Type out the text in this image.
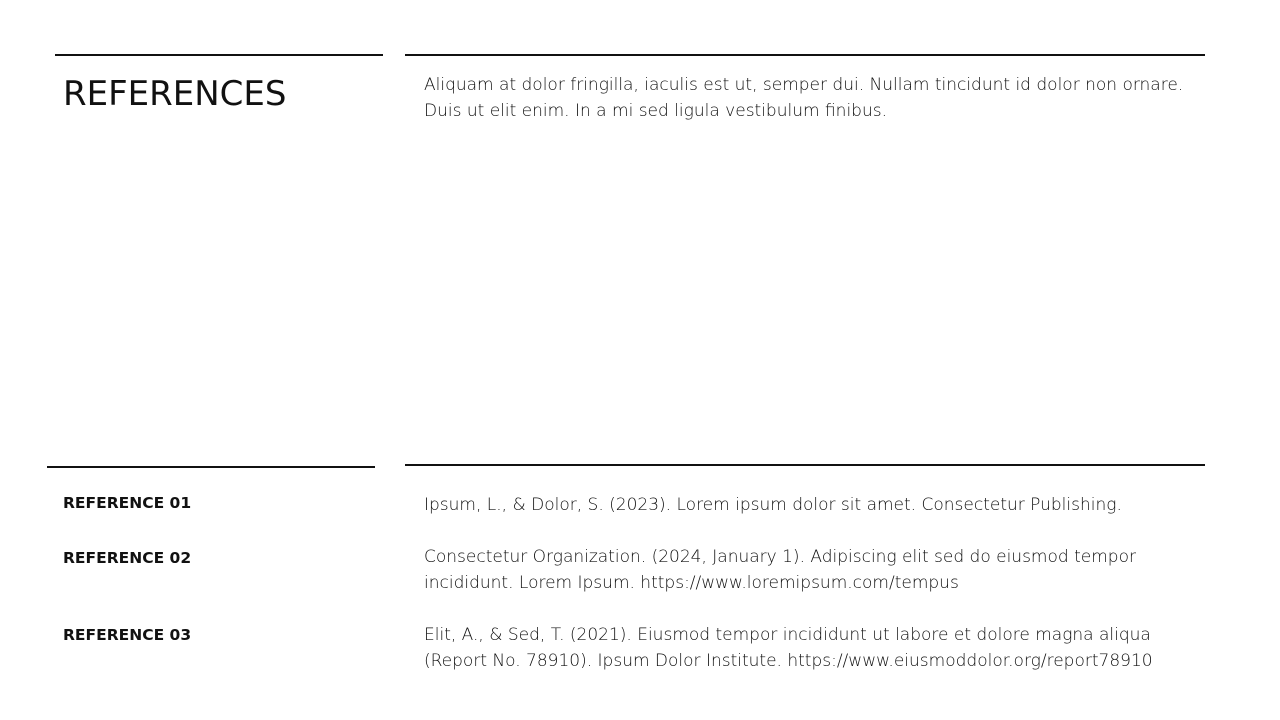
REFERENCES	Aliquam at dolor fringilla, iaculis est ut, semper dui. Nullam tincidunt id dolor non ornare. Duis ut elit enim. In a mi sed ligula vestibulum finibus.

REFERENCE 01	Ipsum, L., & Dolor, S. (2023). Lorem ipsum dolor sit amet. Consectetur Publishing.

REFERENCE 02	Consectetur Organization. (2024, January 1). Adipiscing elit sed do eiusmod tempor incididunt. Lorem Ipsum. https://www.loremipsum.com/tempus

REFERENCE 03	Elit, A., & Sed, T. (2021). Eiusmod tempor incididunt ut labore et dolore magna aliqua (Report No. 78910). Ipsum Dolor Institute. https://www.eiusmoddolor.org/report78910
